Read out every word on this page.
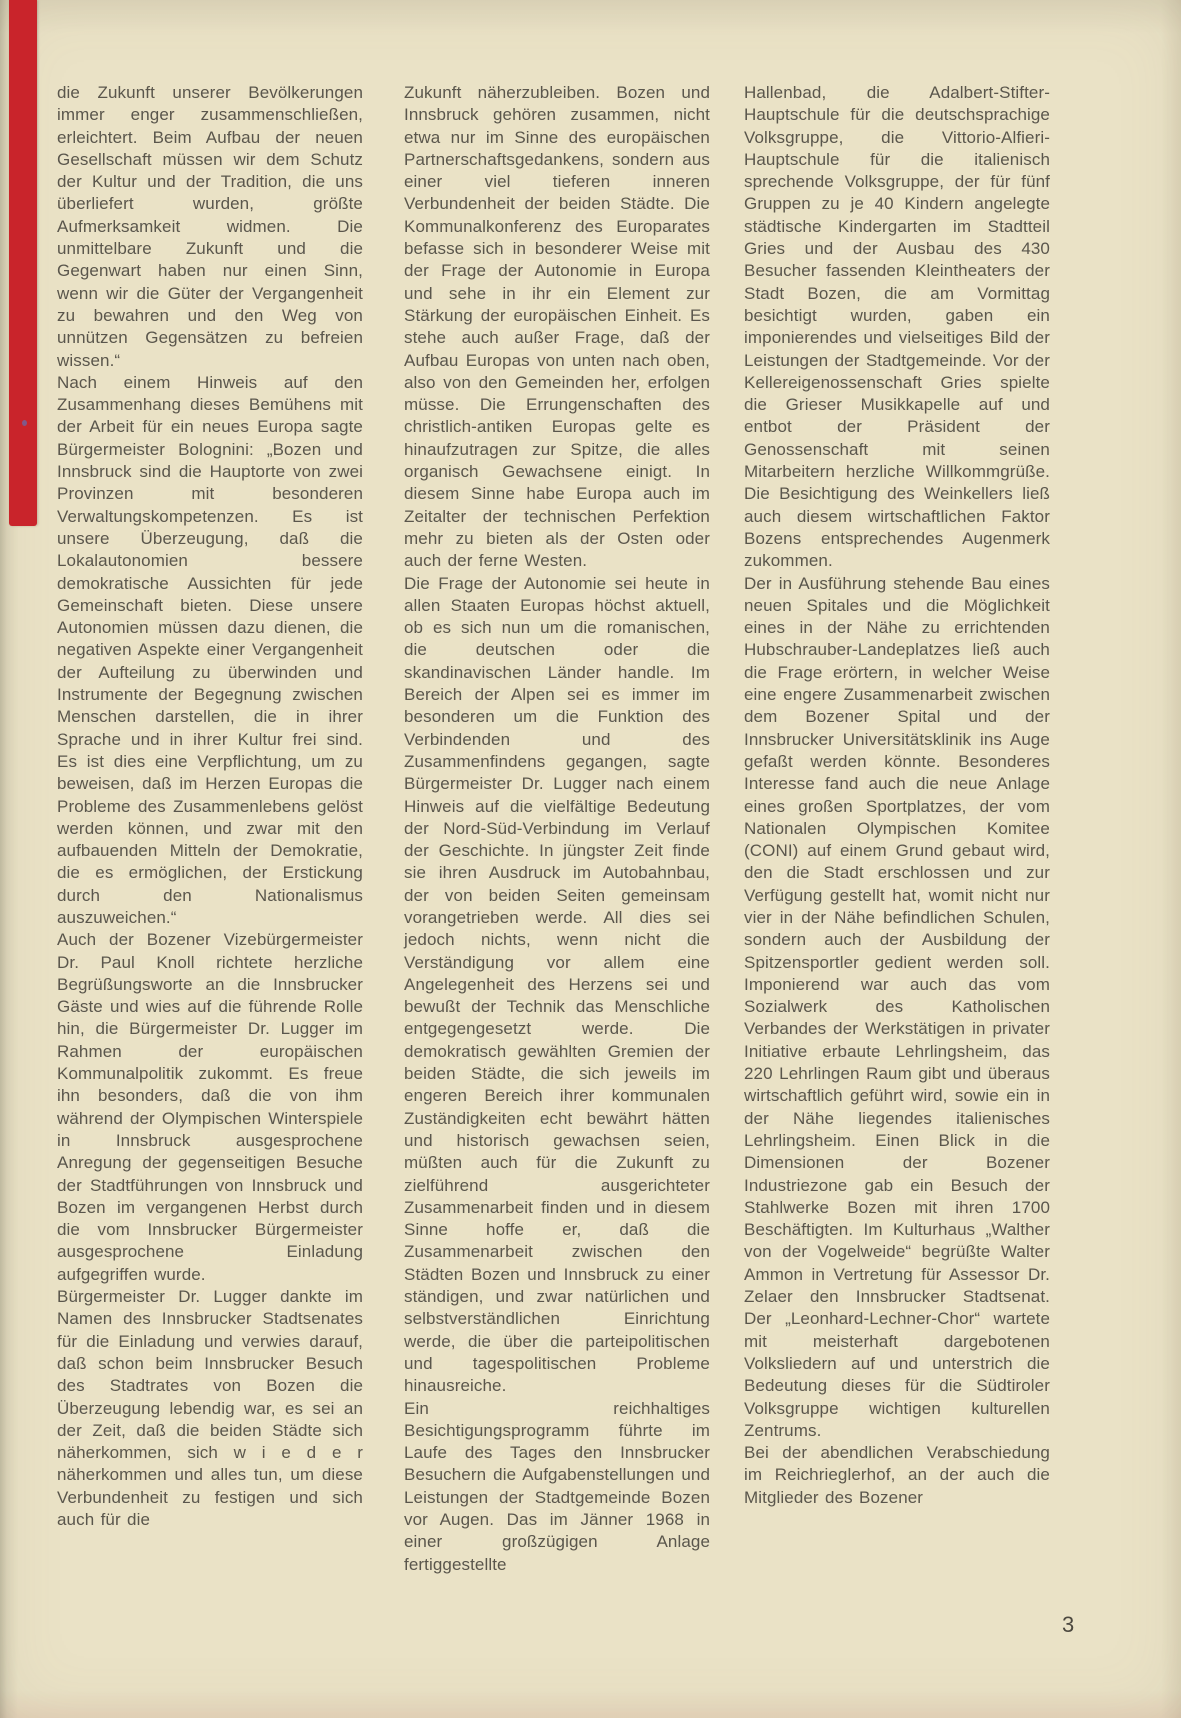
die Zukunft unserer Bevölkerungen immer enger zusammenschließen, erleichtert. Beim Aufbau der neuen Gesellschaft müssen wir dem Schutz der Kultur und der Tradition, die uns überliefert wurden, größte Aufmerksamkeit widmen. Die unmittelbare Zukunft und die Gegenwart haben nur einen Sinn, wenn wir die Güter der Vergangenheit zu bewahren und den Weg von unnützen Gegensätzen zu befreien wissen.“

Nach einem Hinweis auf den Zusammenhang dieses Bemühens mit der Arbeit für ein neues Europa sagte Bürgermeister Bolognini: „Bozen und Innsbruck sind die Hauptorte von zwei Provinzen mit besonderen Verwaltungskompetenzen. Es ist unsere Überzeugung, daß die Lokalautonomien bessere demokratische Aussichten für jede Gemeinschaft bieten. Diese unsere Autonomien müssen dazu dienen, die negativen Aspekte einer Vergangenheit der Aufteilung zu überwinden und Instrumente der Begegnung zwischen Menschen darstellen, die in ihrer Sprache und in ihrer Kultur frei sind. Es ist dies eine Verpflichtung, um zu beweisen, daß im Herzen Europas die Probleme des Zusammenlebens gelöst werden können, und zwar mit den aufbauenden Mitteln der Demokratie, die es ermöglichen, der Erstickung durch den Nationalismus auszuweichen.“

Auch der Bozener Vizebürgermeister Dr. Paul Knoll richtete herzliche Begrüßungsworte an die Innsbrucker Gäste und wies auf die führende Rolle hin, die Bürgermeister Dr. Lugger im Rahmen der europäischen Kommunalpolitik zukommt. Es freue ihn besonders, daß die von ihm während der Olympischen Winterspiele in Innsbruck ausgesprochene Anregung der gegenseitigen Besuche der Stadtführungen von Innsbruck und Bozen im vergangenen Herbst durch die vom Innsbrucker Bürgermeister ausgesprochene Einladung aufgegriffen wurde.

Bürgermeister Dr. Lugger dankte im Namen des Innsbrucker Stadtsenates für die Einladung und verwies darauf, daß schon beim Innsbrucker Besuch des Stadtrates von Bozen die Überzeugung lebendig war, es sei an der Zeit, daß die beiden Städte sich näherkommen, sich w i e d e r näherkommen und alles tun, um diese Verbundenheit zu festigen und sich auch für die

Zukunft näherzubleiben. Bozen und Innsbruck gehören zusammen, nicht etwa nur im Sinne des europäischen Partnerschaftsgedankens, sondern aus einer viel tieferen inneren Verbundenheit der beiden Städte. Die Kommunalkonferenz des Europarates befasse sich in besonderer Weise mit der Frage der Autonomie in Europa und sehe in ihr ein Element zur Stärkung der europäischen Einheit. Es stehe auch außer Frage, daß der Aufbau Europas von unten nach oben, also von den Gemeinden her, erfolgen müsse. Die Errungenschaften des christlich-antiken Europas gelte es hinaufzutragen zur Spitze, die alles organisch Gewachsene einigt. In diesem Sinne habe Europa auch im Zeitalter der technischen Perfektion mehr zu bieten als der Osten oder auch der ferne Westen.

Die Frage der Autonomie sei heute in allen Staaten Europas höchst aktuell, ob es sich nun um die romanischen, die deutschen oder die skandinavischen Länder handle. Im Bereich der Alpen sei es immer im besonderen um die Funktion des Verbindenden und des Zusammenfindens gegangen, sagte Bürgermeister Dr. Lugger nach einem Hinweis auf die vielfältige Bedeutung der Nord-Süd-Verbindung im Verlauf der Geschichte. In jüngster Zeit finde sie ihren Ausdruck im Autobahnbau, der von beiden Seiten gemeinsam vorangetrieben werde. All dies sei jedoch nichts, wenn nicht die Verständigung vor allem eine Angelegenheit des Herzens sei und bewußt der Technik das Menschliche entgegengesetzt werde. Die demokratisch gewählten Gremien der beiden Städte, die sich jeweils im engeren Bereich ihrer kommunalen Zuständigkeiten echt bewährt hätten und historisch gewachsen seien, müßten auch für die Zukunft zu zielführend ausgerichteter Zusammenarbeit finden und in diesem Sinne hoffe er, daß die Zusammenarbeit zwischen den Städten Bozen und Innsbruck zu einer ständigen, und zwar natürlichen und selbstverständlichen Einrichtung werde, die über die parteipolitischen und tagespolitischen Probleme hinausreiche.

Ein reichhaltiges Besichtigungsprogramm führte im Laufe des Tages den Innsbrucker Besuchern die Aufgabenstellungen und Leistungen der Stadtgemeinde Bozen vor Augen. Das im Jänner 1968 in einer großzügigen Anlage fertiggestellte

Hallenbad, die Adalbert-Stifter-Hauptschule für die deutschsprachige Volksgruppe, die Vittorio-Alfieri-Hauptschule für die italienisch sprechende Volksgruppe, der für fünf Gruppen zu je 40 Kindern angelegte städtische Kindergarten im Stadtteil Gries und der Ausbau des 430 Besucher fassenden Kleintheaters der Stadt Bozen, die am Vormittag besichtigt wurden, gaben ein imponierendes und vielseitiges Bild der Leistungen der Stadtgemeinde. Vor der Kellereigenossenschaft Gries spielte die Grieser Musikkapelle auf und entbot der Präsident der Genossenschaft mit seinen Mitarbeitern herzliche Willkommgrüße. Die Besichtigung des Weinkellers ließ auch diesem wirtschaftlichen Faktor Bozens entsprechendes Augenmerk zukommen.

Der in Ausführung stehende Bau eines neuen Spitales und die Möglichkeit eines in der Nähe zu errichtenden Hubschrauber-Landeplatzes ließ auch die Frage erörtern, in welcher Weise eine engere Zusammenarbeit zwischen dem Bozener Spital und der Innsbrucker Universitätsklinik ins Auge gefaßt werden könnte. Besonderes Interesse fand auch die neue Anlage eines großen Sportplatzes, der vom Nationalen Olympischen Komitee (CONI) auf einem Grund gebaut wird, den die Stadt erschlossen und zur Verfügung gestellt hat, womit nicht nur vier in der Nähe befindlichen Schulen, sondern auch der Ausbildung der Spitzensportler gedient werden soll. Imponierend war auch das vom Sozialwerk des Katholischen Verbandes der Werkstätigen in privater Initiative erbaute Lehrlingsheim, das 220 Lehrlingen Raum gibt und überaus wirtschaftlich geführt wird, sowie ein in der Nähe liegendes italienisches Lehrlingsheim. Einen Blick in die Dimensionen der Bozener Industriezone gab ein Besuch der Stahlwerke Bozen mit ihren 1700 Beschäftigten. Im Kulturhaus „Walther von der Vogelweide“ begrüßte Walter Ammon in Vertretung für Assessor Dr. Zelaer den Innsbrucker Stadtsenat. Der „Leonhard-Lechner-Chor“ wartete mit meisterhaft dargebotenen Volksliedern auf und unterstrich die Bedeutung dieses für die Südtiroler Volksgruppe wichtigen kulturellen Zentrums.

Bei der abendlichen Verabschiedung im Reichrieglerhof, an der auch die Mitglieder des Bozener

3
